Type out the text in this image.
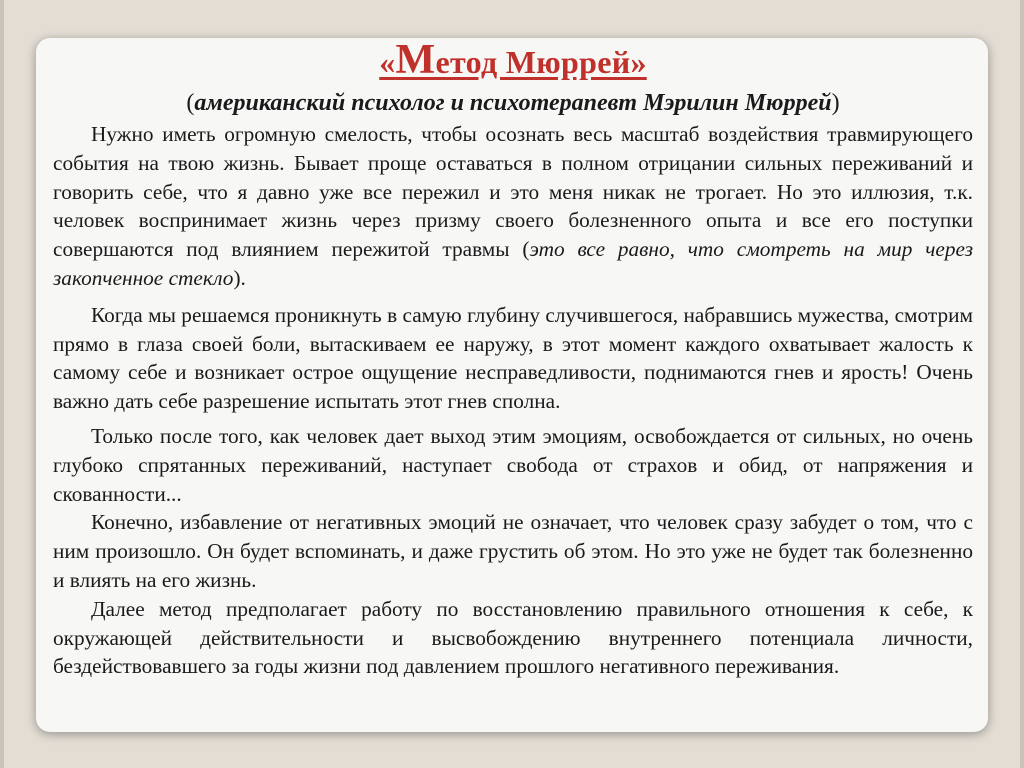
«Метод Мюррей»

(американский психолог и психотерапевт Мэрилин Мюррей)

Нужно иметь огромную смелость, чтобы осознать весь масштаб воздействия травмирующего события на твою жизнь. Бывает проще оставаться в полном отрицании сильных переживаний и говорить себе, что я давно уже все пережил и это меня никак не трогает. Но это иллюзия, т.к. человек воспринимает жизнь через призму своего болезненного опыта и все его поступки совершаются под влиянием пережитой травмы (это все равно, что смотреть на мир через закопченное стекло).

Когда мы решаемся проникнуть в самую глубину случившегося, набравшись мужества, смотрим прямо в глаза своей боли, вытаскиваем ее наружу, в этот момент каждого охватывает жалость к самому себе и возникает острое ощущение несправедливости, поднимаются гнев и ярость! Очень важно дать себе разрешение испытать этот гнев сполна.

Только после того, как человек дает выход этим эмоциям, освобождается от сильных, но очень глубоко спрятанных переживаний, наступает свобода от страхов и обид, от напряжения и скованности...

Конечно, избавление от негативных эмоций не означает, что человек сразу забудет о том, что с ним произошло. Он будет вспоминать, и даже грустить об этом. Но это уже не будет так болезненно и влиять на его жизнь.

Далее метод предполагает работу по восстановлению правильного отношения к себе, к окружающей действительности и высвобождению внутреннего потенциала личности, бездействовавшего за годы жизни под давлением прошлого негативного переживания.
